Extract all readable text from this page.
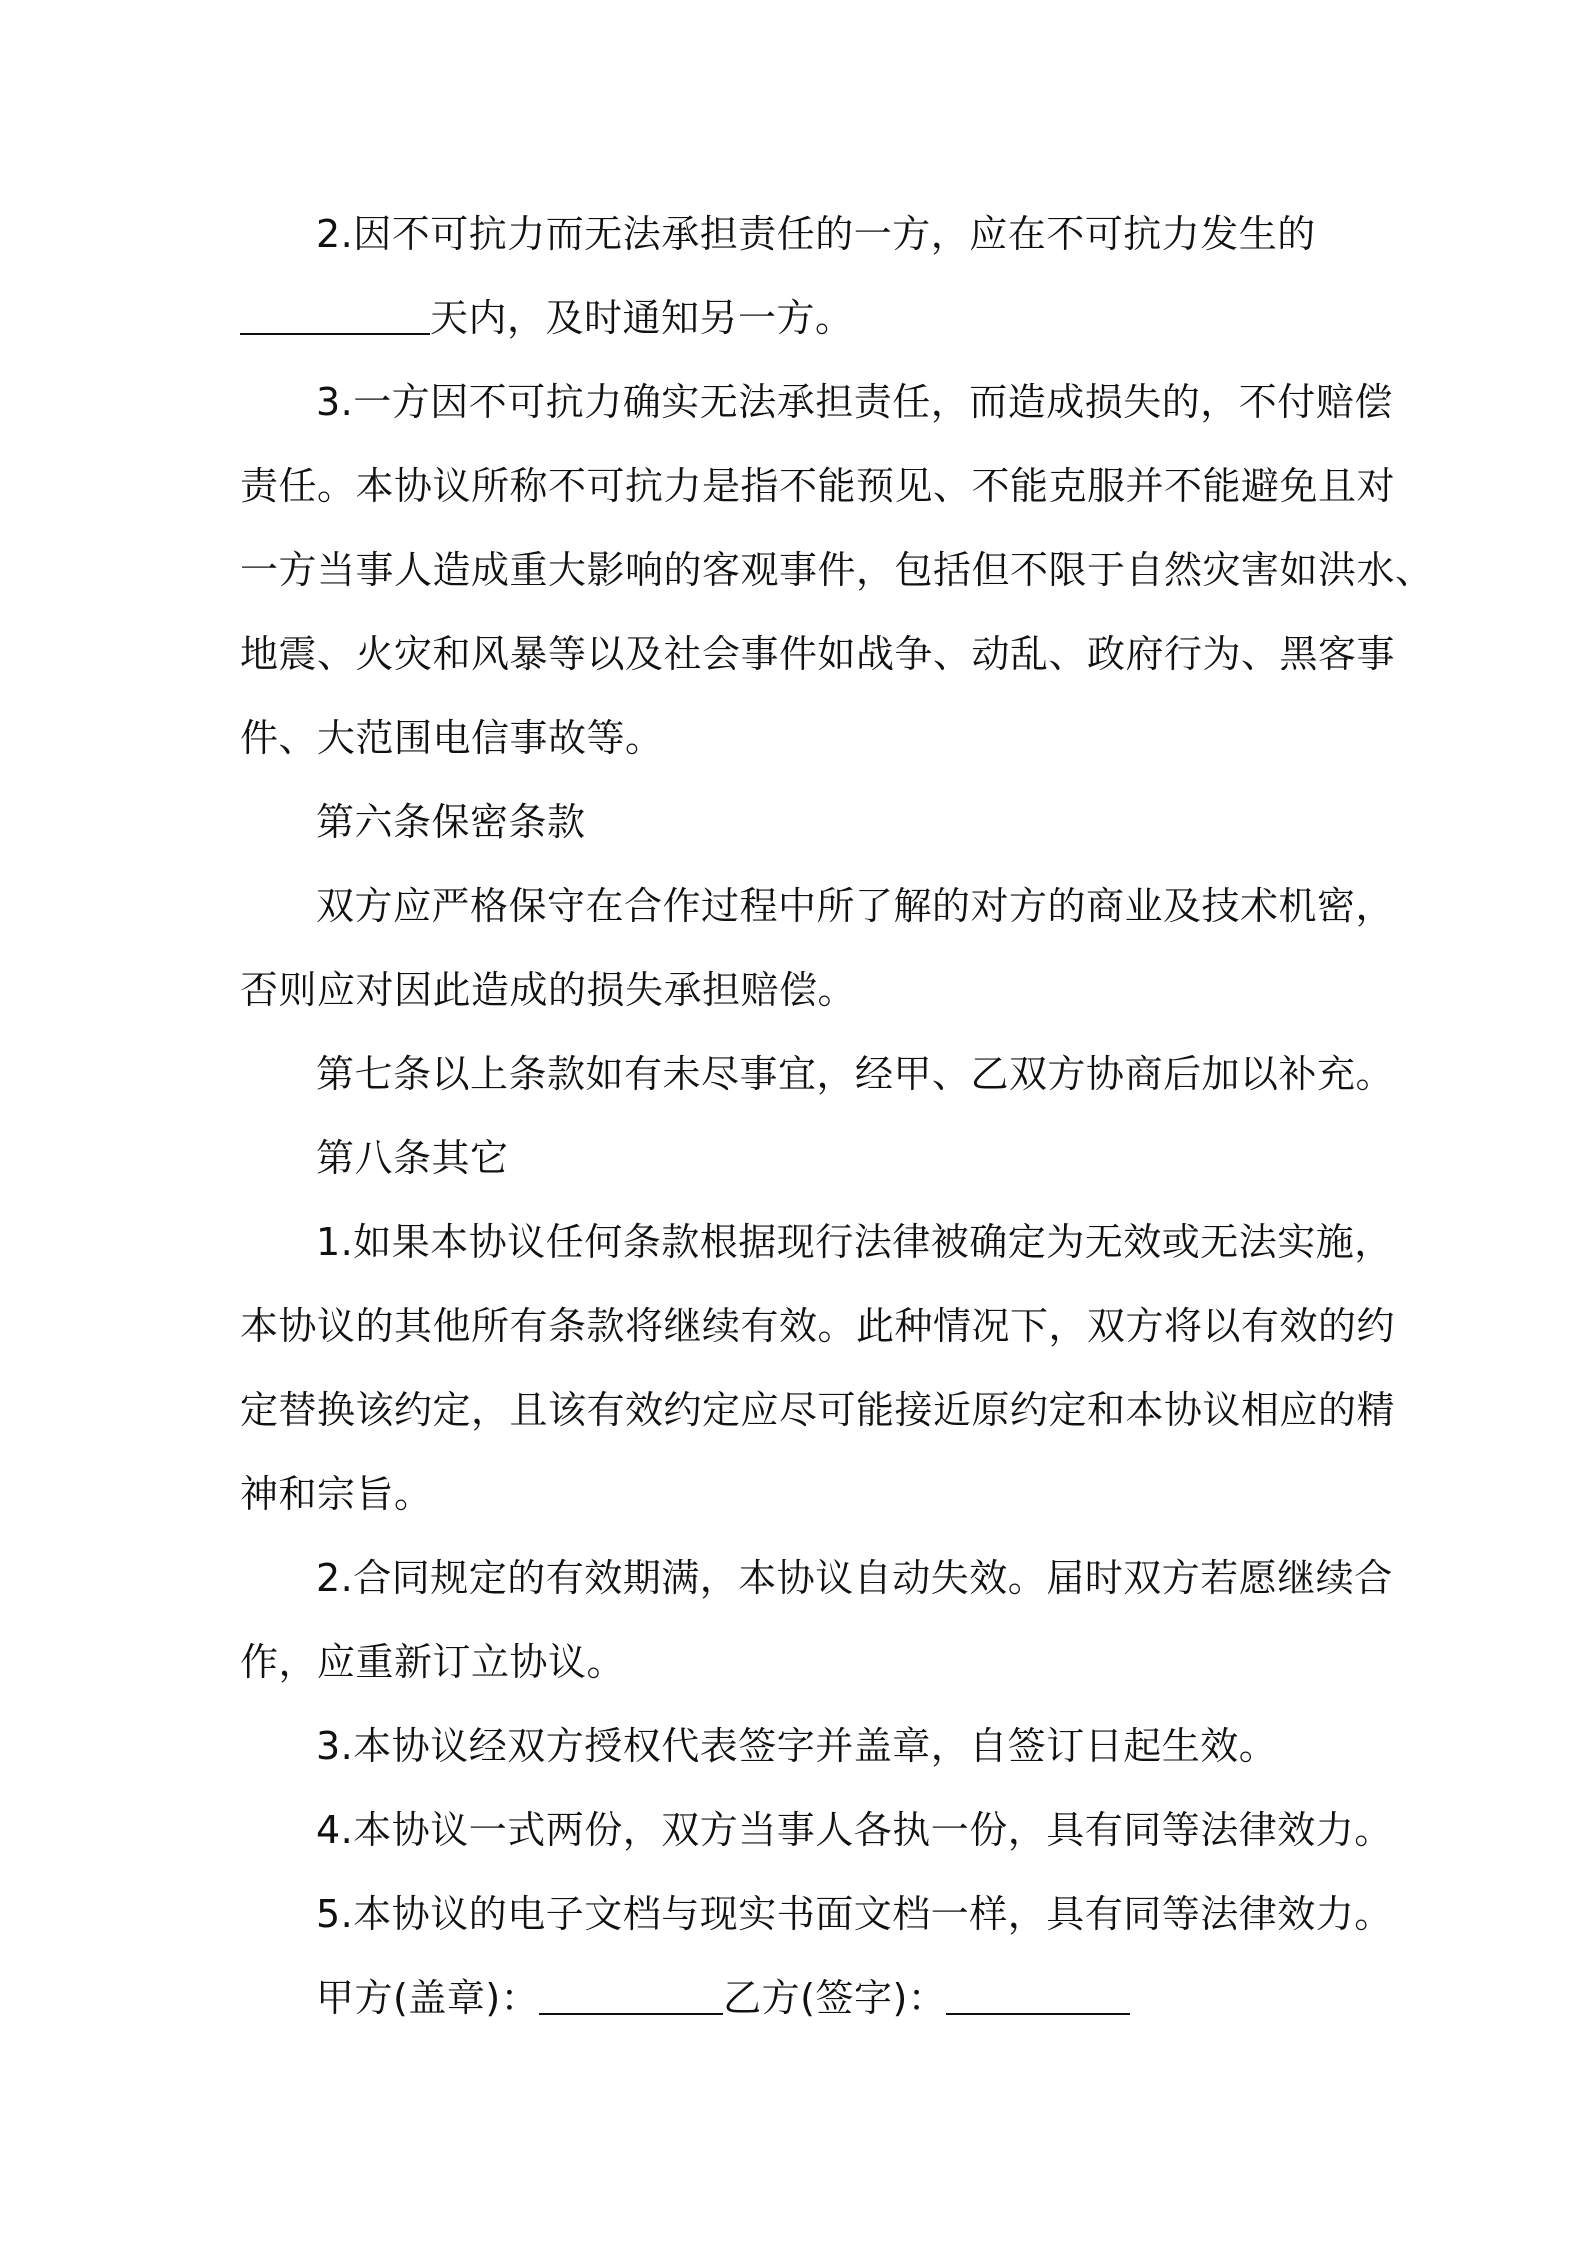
2.因不可抗力而无法承担责任的一方，应在不可抗力发生的
天内，及时通知另一方。
3.一方因不可抗力确实无法承担责任，而造成损失的，不付赔偿
责任。本协议所称不可抗力是指不能预见、不能克服并不能避免且对
一方当事人造成重大影响的客观事件，包括但不限于自然灾害如洪水、
地震、火灾和风暴等以及社会事件如战争、动乱、政府行为、黑客事
件、大范围电信事故等。
第六条保密条款
双方应严格保守在合作过程中所了解的对方的商业及技术机密，
否则应对因此造成的损失承担赔偿。
第七条以上条款如有未尽事宜，经甲、乙双方协商后加以补充。
第八条其它
1.如果本协议任何条款根据现行法律被确定为无效或无法实施，
本协议的其他所有条款将继续有效。此种情况下，双方将以有效的约
定替换该约定，且该有效约定应尽可能接近原约定和本协议相应的精
神和宗旨。
2.合同规定的有效期满，本协议自动失效。届时双方若愿继续合
作，应重新订立协议。
3.本协议经双方授权代表签字并盖章，自签订日起生效。
4.本协议一式两份，双方当事人各执一份，具有同等法律效力。
5.本协议的电子文档与现实书面文档一样，具有同等法律效力。
甲方(盖章)：	乙方(签字)：
